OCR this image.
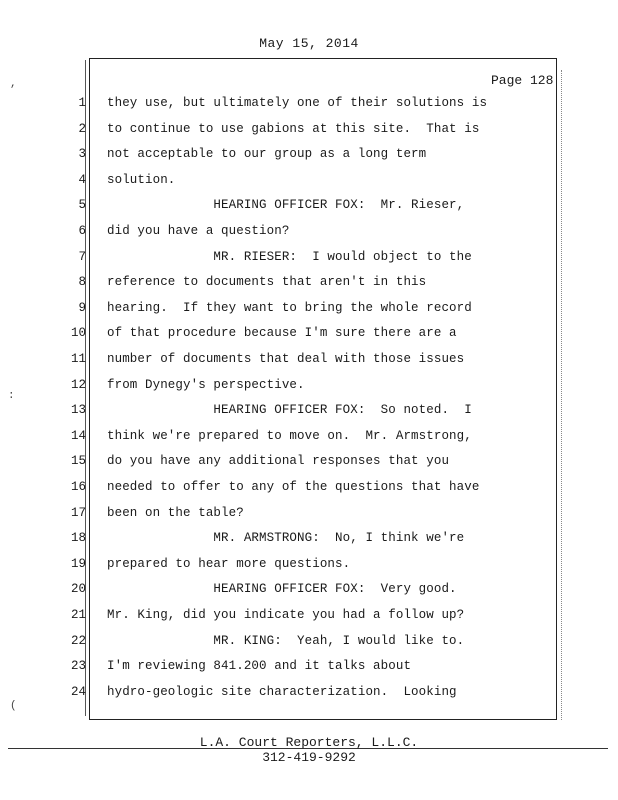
May 15, 2014
Page 128
1 they use, but ultimately one of their solutions is
2 to continue to use gabions at this site.  That is
3 not acceptable to our group as a long term
4 solution.
5 HEARING OFFICER FOX:  Mr. Rieser,
6 did you have a question?
7 MR. RIESER:  I would object to the
8 reference to documents that aren't in this
9 hearing.  If they want to bring the whole record
10 of that procedure because I'm sure there are a
11 number of documents that deal with those issues
12 from Dynegy's perspective.
13 HEARING OFFICER FOX:  So noted.  I
14 think we're prepared to move on.  Mr. Armstrong,
15 do you have any additional responses that you
16 needed to offer to any of the questions that have
17 been on the table?
18 MR. ARMSTRONG:  No, I think we're
19 prepared to hear more questions.
20 HEARING OFFICER FOX:  Very good.
21 Mr. King, did you indicate you had a follow up?
22 MR. KING:  Yeah, I would like to.
23 I'm reviewing 841.200 and it talks about
24 hydro-geologic site characterization.  Looking
L.A. Court Reporters, L.L.C.
312-419-9292
,
:
(
